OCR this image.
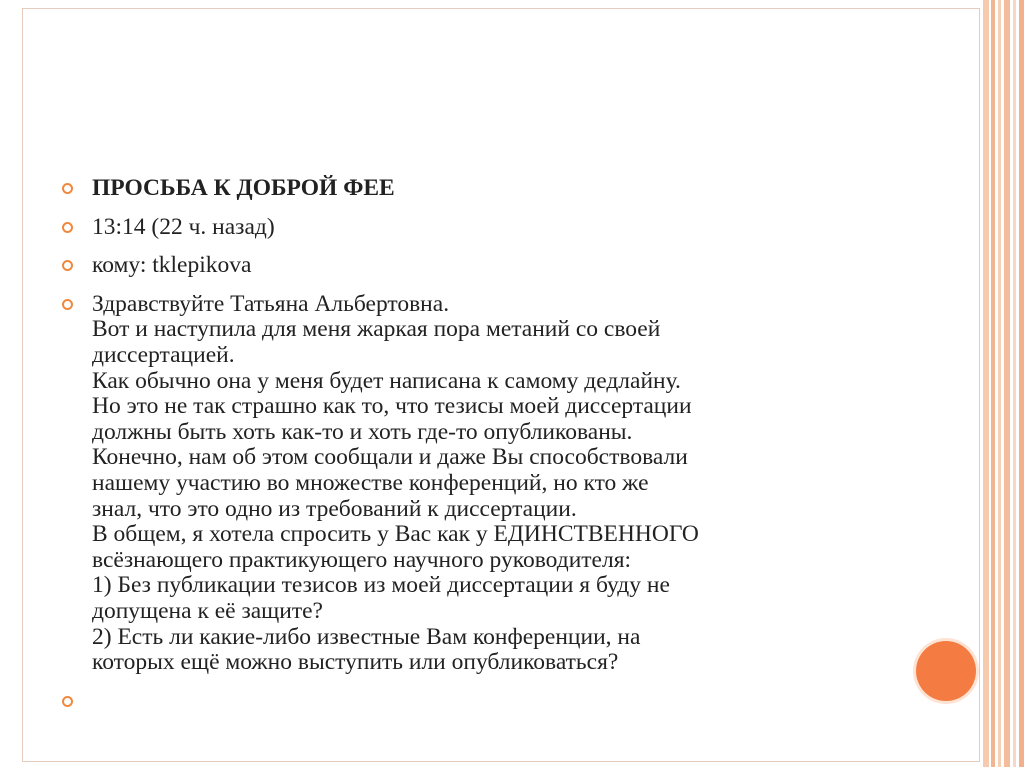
ПРОСЬБА К ДОБРОЙ ФЕЕ
13:14 (22 ч. назад)
кому: tklepikova
Здравствуйте Татьяна Альбертовна.
Вот и наступила для меня жаркая пора метаний со своей
диссертацией.
Как обычно она у меня будет написана к самому дедлайну.
Но это не так страшно как то, что тезисы моей диссертации
должны быть хоть как-то и хоть где-то опубликованы.
Конечно, нам об этом сообщали и даже Вы способствовали
нашему участию во множестве конференций, но кто же
знал, что это одно из требований к диссертации.
В общем, я хотела спросить у Вас как у ЕДИНСТВЕННОГО
всёзнающего практикующего научного руководителя:
1) Без публикации тезисов из моей диссертации я буду не
допущена к её защите?
2) Есть ли какие-либо известные Вам конференции, на
которых ещё можно выступить или опубликоваться?
